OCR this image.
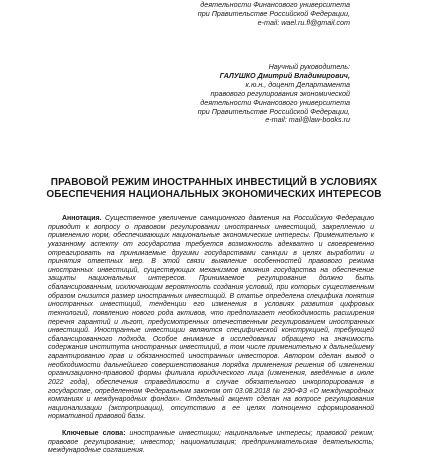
деятельности Финансового университета
при Правительстве Российской Федерации,
e-mail: wael.ru.fl@gmail.com
Научный руководитель:
ГАЛУШКО Дмитрий Владимирович,
к.ю.н., доцент Департамента
правового регулирования экономической
деятельности Финансового университета
при Правительстве Российской Федерации,
e-mail: mail@law-books.ru
ПРАВОВОЙ РЕЖИМ ИНОСТРАННЫХ ИНВЕСТИЦИЙ В УСЛОВИЯХ
ОБЕСПЕЧЕНИЯ НАЦИОНАЛЬНЫХ ЭКОНОМИЧЕСКИХ ИНТЕРЕСОВ

Аннотация. Существенное увеличение санкционного давления на Российскую Федерацию приводит к вопросу о правовом регулировании иностранных инвестиций, закреплению и применению норм, обеспечивающих национальные экономические интересы. Применительно к указанному аспекту от государства требуется возможность адекватно и своевременно отреагировать на принимаемые другими государствами санкции в целях выработки и принятия ответных мер. В этой связи выявление особенностей правового режима иностранных инвестиций, существующих механизмов влияния государства на обеспечение защиты национальных интересов. Принимаемое регулирование должно быть сбалансированным, исключающим вероятность создания условий, при которых существенным образом снизится размер иностранных инвестиций. В статье определена специфика понятия иностранных инвестиций, тенденции его изменения в условиях развития цифровых технологий, появлению нового рода активов, что предполагает необходимость расширения перечня гарантий и льгот, предусмотренных отечественным регулированием иностранных инвестиций. Иностранные инвестиции являются специфической конструкцией, требующей сбалансированного подхода. Особое внимание в исследовании обращено на значимость содержания института иностранных инвестиций, в том числе применительно к дальнейшему гарантированию прав и обязанностей иностранных инвесторов. Автором сделан вывод о необходимости дальнейшего совершенствования порядка применения решения об изменении организационно-правовой формы филиала юридического лица (изменения, введённые в июле 2022 года), обеспечения справедливости в случае обязательного инкорпорирования в государстве, определенном Федеральным законом от 03.08.2018 № 290-ФЗ «О международных компаниях и международных фондах». Отдельный акцент сделан на вопросе регулирования национализации (экспроприации), отсутствию в ее целях полноценно сформированной нормативной правовой базы.

Ключевые слова: иностранные инвестиции; национальные интересы; правовой режим; правовое регулирование; инвестор; национализация; предпринимательская деятельность; международные соглашения.
